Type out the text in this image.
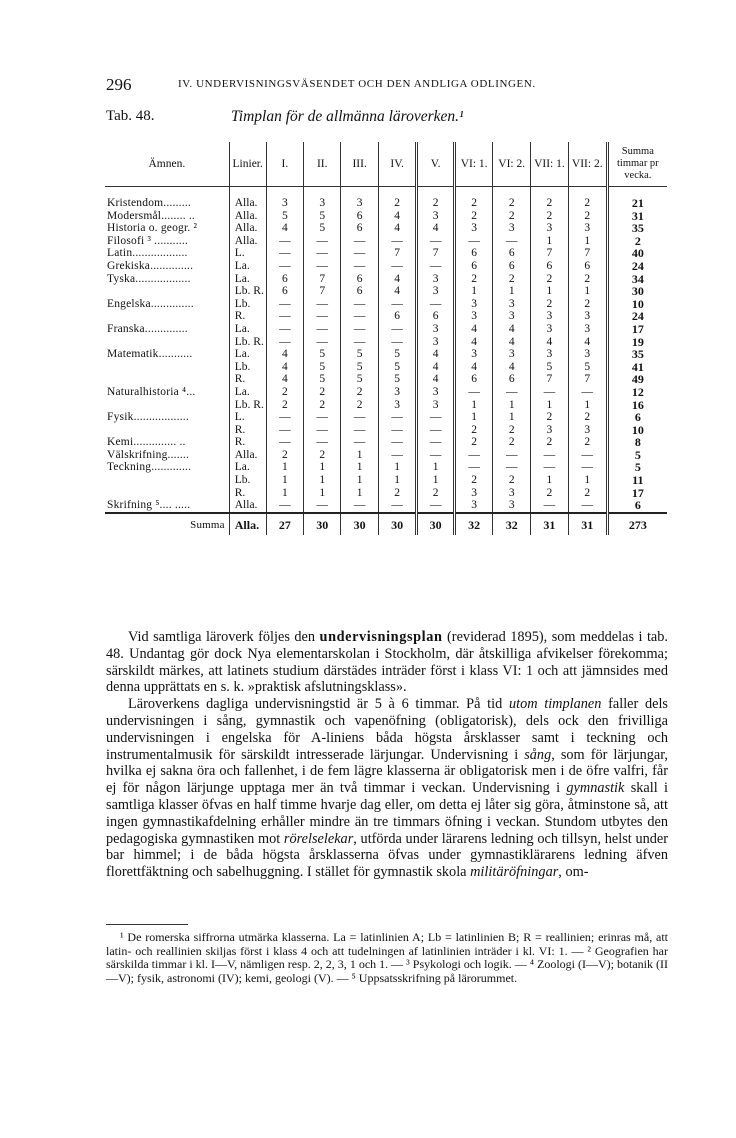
296	IV. UNDERVISNINGSVÄSENDET OCH DEN ANDLIGA ODLINGEN.
Tab. 48.	Timplan för de allmänna läroverken.¹
Ämnen.	Linier.	I.	II.	III.	IV.	V.	VI: 1.	VI: 2.	VII: 1.	VII: 2.	Summa timmar pr vecka.
Kristendom.........	Alla.	3	3	3	2	2	2	2	2	2	21
Modersmål........ ..	Alla.	5	5	6	4	3	2	2	2	2	31
Historia o. geogr. ²	Alla.	4	5	6	4	4	3	3	3	3	35
Filosofi ³ ...........	Alla.	—	—	—	—	—	—	—	1	1	2
Latin..................	L.	—	—	—	7	7	6	6	7	7	40
Grekiska..............	La.	—	—	—	—	—	6	6	6	6	24
Tyska..................	La.	6	7	6	4	3	2	2	2	2	34
	Lb. R.	6	7	6	4	3	1	1	1	1	30
Engelska..............	Lb.	—	—	—	—	—	3	3	2	2	10
	R.	—	—	—	6	6	3	3	3	3	24
Franska..............	La.	—	—	—	—	3	4	4	3	3	17
	Lb. R.	—	—	—	—	3	4	4	4	4	19
Matematik...........	La.	4	5	5	5	4	3	3	3	3	35
	Lb.	4	5	5	5	4	4	4	5	5	41
	R.	4	5	5	5	4	6	6	7	7	49
Naturalhistoria ⁴...	La.	2	2	2	3	3	—	—	—	—	12
	Lb. R.	2	2	2	3	3	1	1	1	1	16
Fysik..................	L.	—	—	—	—	—	1	1	2	2	6
	R.	—	—	—	—	—	2	2	3	3	10
Kemi.............. ..	R.	—	—	—	—	—	2	2	2	2	8
Välskrifning.......	Alla.	2	2	1	—	—	—	—	—	—	5
Teckning.............	La.	1	1	1	1	1	—	—	—	—	5
	Lb.	1	1	1	1	1	2	2	1	1	11
	R.	1	1	1	2	2	3	3	2	2	17
Skrifning ⁵.... .....	Alla.	—	—	—	—	—	3	3	—	—	6
Summa	Alla.	27	30	30	30	30	32	32	31	31	273

Vid samtliga läroverk följes den undervisningsplan (reviderad 1895), som meddelas i tab. 48. Undantag gör dock Nya elementarskolan i Stockholm, där åtskilliga afvikelser förekomma; särskildt märkes, att latinets studium därstädes inträder först i klass VI: 1 och att jämnsides med denna upprättats en s. k. »praktisk afslutningsklass».

Läroverkens dagliga undervisningstid är 5 à 6 timmar. På tid utom timplanen faller dels undervisningen i sång, gymnastik och vapenöfning (obligatorisk), dels ock den frivilliga undervisningen i engelska för A-liniens båda högsta årsklasser samt i teckning och instrumentalmusik för särskildt intresserade lärjungar. Undervisning i sång, som för lärjungar, hvilka ej sakna öra och fallenhet, i de fem lägre klasserna är obligatorisk men i de öfre valfri, får ej för någon lärjunge upptaga mer än två timmar i veckan. Undervisning i gymnastik skall i samtliga klasser öfvas en half timme hvarje dag eller, om detta ej låter sig göra, åtminstone så, att ingen gymnastikafdelning erhåller mindre än tre timmars öfning i veckan. Stundom utbytes den pedagogiska gymnastiken mot rörelselekar, utförda under lärarens ledning och tillsyn, helst under bar himmel; i de båda högsta årsklasserna öfvas under gymnastiklärarens ledning äfven florettfäktning och sabelhuggning. I stället för gymnastik skola militäröfningar, om-

¹ De romerska siffrorna utmärka klasserna. La = latinlinien A; Lb = latinlinien B; R = reallinien; erinras må, att latin- och reallinien skiljas först i klass 4 och att tudelningen af latinlinien inträder i kl. VI: 1. — ² Geografien har särskilda timmar i kl. I—V, nämligen resp. 2, 2, 3, 1 och 1. — ³ Psykologi och logik. — ⁴ Zoologi (I—V); botanik (II—V); fysik, astronomi (IV); kemi, geologi (V). — ⁵ Uppsatsskrifning på lärorummet.
